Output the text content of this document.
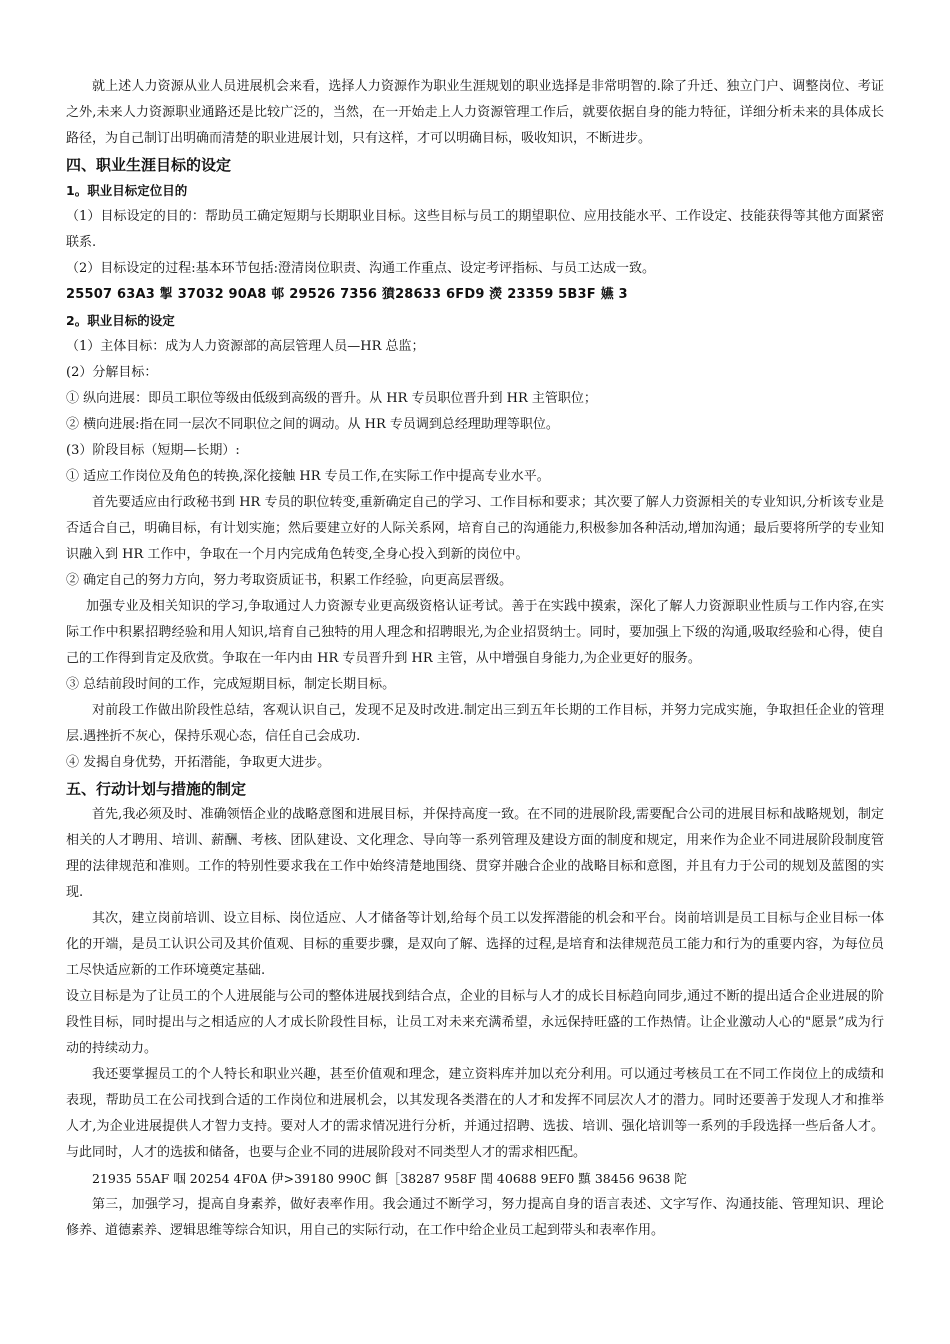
就上述人力资源从业人员进展机会来看，选择人力资源作为职业生涯规划的职业选择是非常明智的.除了升迁、独立门户、调整岗位、考证之外,未来人力资源职业通路还是比较广泛的，当然，在一开始走上人力资源管理工作后，就要依据自身的能力特征，详细分析未来的具体成长路径，为自己制订出明确而清楚的职业进展计划，只有这样，才可以明确目标，吸收知识，不断进步。

四、职业生涯目标的设定

1。职业目标定位目的

（1）目标设定的目的：帮助员工确定短期与长期职业目标。这些目标与员工的期望职位、应用技能水平、工作设定、技能获得等其他方面紧密联系.

（2）目标设定的过程:基本环节包括:澄清岗位职责、沟通工作重点、设定考评指标、与员工达成一致。

25507 63A3 掣 37032 90A8 邨 29526 7356 獖28633 6FD9 濙 23359 5B3F 嬿 3

2。职业目标的设定

（1）主体目标：成为人力资源部的高层管理人员—HR 总监；

(2）分解目标：

① 纵向进展：即员工职位等级由低级到高级的晋升。从 HR 专员职位晋升到 HR 主管职位；

② 横向进展:指在同一层次不同职位之间的调动。从 HR 专员调到总经理助理等职位。

(3）阶段目标（短期—长期）:

① 适应工作岗位及角色的转换,深化接触 HR 专员工作,在实际工作中提高专业水平。

首先要适应由行政秘书到 HR 专员的职位转变,重新确定自己的学习、工作目标和要求；其次要了解人力资源相关的专业知识,分析该专业是否适合自己，明确目标，有计划实施；然后要建立好的人际关系网，培育自己的沟通能力,积极参加各种活动,增加沟通；最后要将所学的专业知识融入到 HR 工作中，争取在一个月内完成角色转变,全身心投入到新的岗位中。

② 确定自己的努力方向，努力考取资质证书，积累工作经验，向更高层晋级。

加强专业及相关知识的学习,争取通过人力资源专业更高级资格认证考试。善于在实践中摸索，深化了解人力资源职业性质与工作内容,在实际工作中积累招聘经验和用人知识,培育自己独特的用人理念和招聘眼光,为企业招贤纳士。同时，要加强上下级的沟通,吸取经验和心得，使自己的工作得到肯定及欣赏。争取在一年内由 HR 专员晋升到 HR 主管，从中增强自身能力,为企业更好的服务。

③ 总结前段时间的工作，完成短期目标，制定长期目标。

对前段工作做出阶段性总结，客观认识自己，发现不足及时改进.制定出三到五年长期的工作目标，并努力完成实施，争取担任企业的管理层.遇挫折不灰心，保持乐观心态，信任自己会成功.

④ 发揭自身优势，开拓潜能，争取更大进步。

五、行动计划与措施的制定

首先,我必须及时、准确领悟企业的战略意图和进展目标，并保持高度一致。在不同的进展阶段,需要配合公司的进展目标和战略规划，制定相关的人才聘用、培训、薪酬、考核、团队建设、文化理念、导向等一系列管理及建设方面的制度和规定，用来作为企业不同进展阶段制度管理的法律规范和准则。工作的特别性要求我在工作中始终清楚地围绕、贯穿并融合企业的战略目标和意图，并且有力于公司的规划及蓝图的实现.

其次，建立岗前培训、设立目标、岗位适应、人才储备等计划,给每个员工以发挥潜能的机会和平台。岗前培训是员工目标与企业目标一体化的开端，是员工认识公司及其价值观、目标的重要步骤，是双向了解、选择的过程,是培育和法律规范员工能力和行为的重要内容，为每位员工尽快适应新的工作环境奠定基础.

设立目标是为了让员工的个人进展能与公司的整体进展找到结合点，企业的目标与人才的成长目标趋向同步,通过不断的提出适合企业进展的阶段性目标，同时提出与之相适应的人才成长阶段性目标，让员工对未来充满希望，永远保持旺盛的工作热情。让企业激动人心的"愿景”成为行动的持续动力。

我还要掌握员工的个人特长和职业兴趣，甚至价值观和理念，建立资料库并加以充分利用。可以通过考核员工在不同工作岗位上的成绩和表现，帮助员工在公司找到合适的工作岗位和进展机会，以其发现各类潜在的人才和发挥不同层次人才的潜力。同时还要善于发现人才和推举人才,为企业进展提供人才智力支持。要对人才的需求情况进行分析，并通过招聘、选拔、培训、强化培训等一系列的手段选择一些后备人才。与此同时，人才的选拔和储备，也要与企业不同的进展阶段对不同类型人才的需求相匹配。

21935 55AF 啯 20254 4F0A 伊>39180 990C 餌［38287 958F 閏 40688 9EF0 黰 38456 9638 陀

第三，加强学习，提高自身素养，做好表率作用。我会通过不断学习，努力提高自身的语言表述、文字写作、沟通技能、管理知识、理论修养、道德素养、逻辑思维等综合知识，用自己的实际行动，在工作中给企业员工起到带头和表率作用。
